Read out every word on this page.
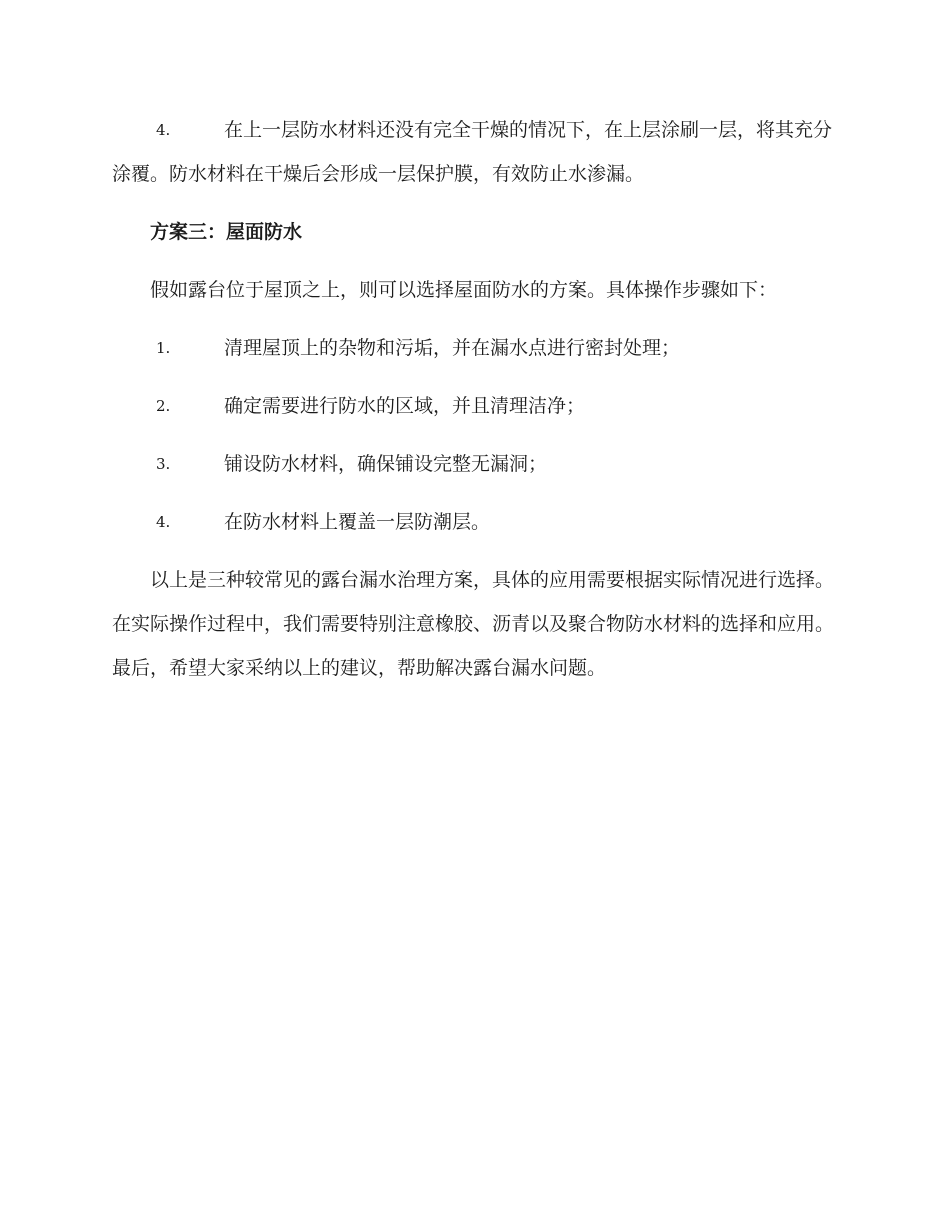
4.	在上一层防水材料还没有完全干燥的情况下，在上层涂刷一层，将其充分涂覆。防水材料在干燥后会形成一层保护膜，有效防止水渗漏。

方案三：屋面防水

假如露台位于屋顶之上，则可以选择屋面防水的方案。具体操作步骤如下：

1.	清理屋顶上的杂物和污垢，并在漏水点进行密封处理；
2.	确定需要进行防水的区域，并且清理洁净；
3.	铺设防水材料，确保铺设完整无漏洞；
4.	在防水材料上覆盖一层防潮层。

以上是三种较常见的露台漏水治理方案，具体的应用需要根据实际情况进行选择。在实际操作过程中，我们需要特别注意橡胶、沥青以及聚合物防水材料的选择和应用。最后，希望大家采纳以上的建议，帮助解决露台漏水问题。
